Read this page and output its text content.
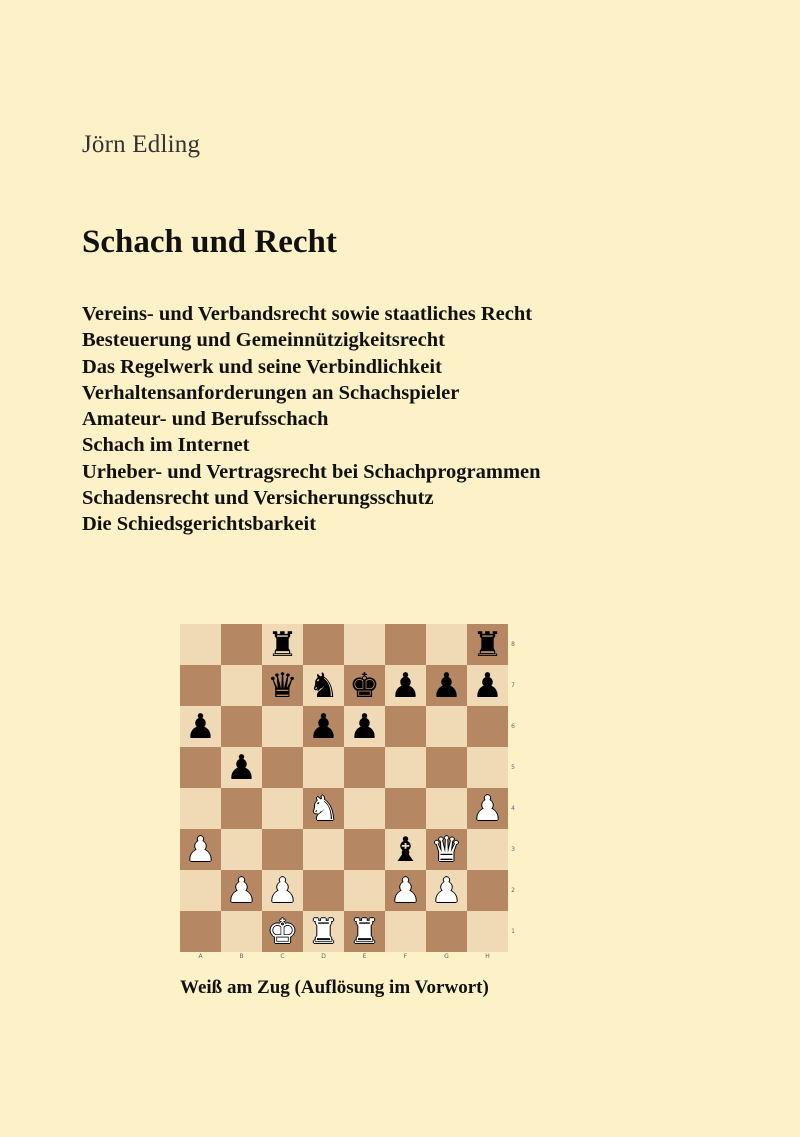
Jörn Edling
Schach und Recht
Vereins- und Verbandsrecht sowie staatliches Recht
Besteuerung und Gemeinnützigkeitsrecht
Das Regelwerk und seine Verbindlichkeit
Verhaltensanforderungen an Schachspieler
Amateur- und Berufsschach
Schach im Internet
Urheber- und Vertragsrecht bei Schachprogrammen
Schadensrecht und Versicherungsschutz
Die Schiedsgerichtsbarkeit
♜	♜
♛ ♞ ♚ ♟ ♟ ♟
♟	♟ ♟
♟
♞	♟
♟	♝ ♛
♟ ♟	♟ ♟
♚ ♜ ♜
A	B	C	D	E	F	G	H
8
7
6
5
4
3
2
1
Weiß am Zug (Auflösung im Vorwort)
